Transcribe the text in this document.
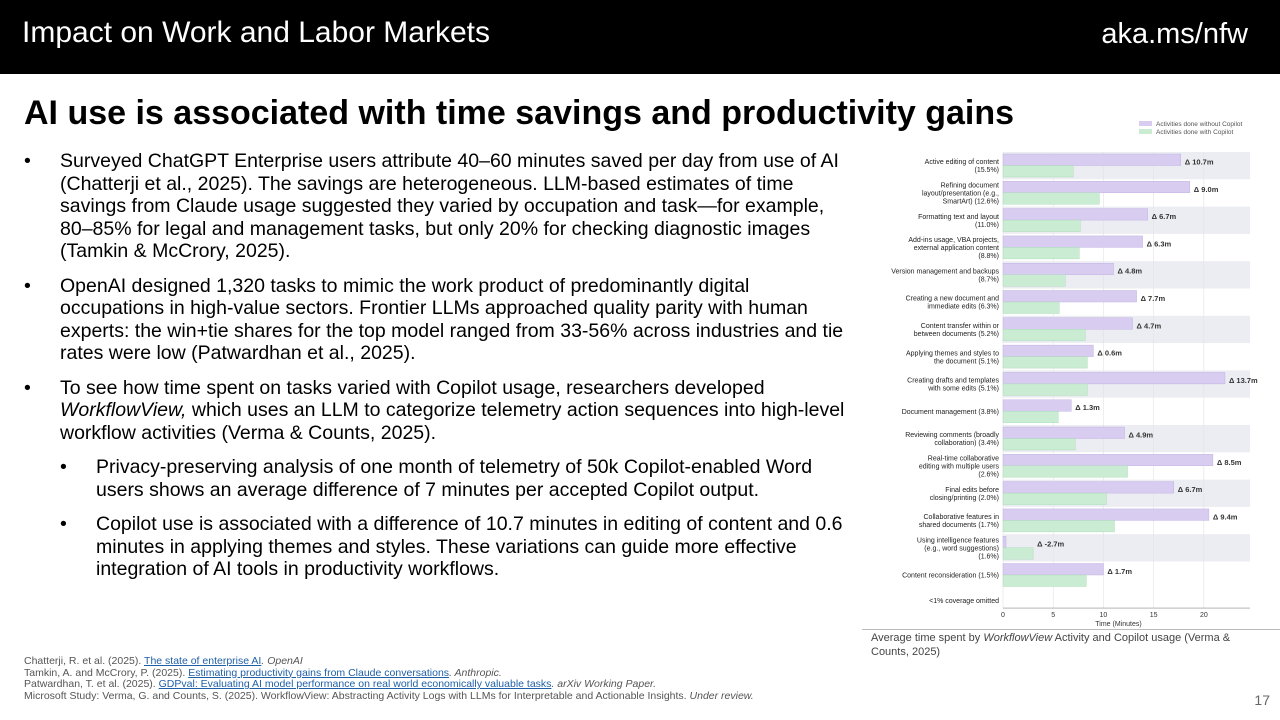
Impact on Work and Labor Markets	aka.ms/nfw
AI use is associated with time savings and productivity gains
• Surveyed ChatGPT Enterprise users attribute 40–60 minutes saved per day from use of AI (Chatterji et al., 2025). The savings are heterogeneous. LLM-based estimates of time savings from Claude usage suggested they varied by occupation and task—for example, 80–85% for legal and management tasks, but only 20% for checking diagnostic images (Tamkin & McCrory, 2025).
• OpenAI designed 1,320 tasks to mimic the work product of predominantly digital occupations in high-value sectors. Frontier LLMs approached quality parity with human experts: the win+tie shares for the top model ranged from 33-56% across industries and tie rates were low (Patwardhan et al., 2025).
• To see how time spent on tasks varied with Copilot usage, researchers developed WorkflowView, which uses an LLM to categorize telemetry action sequences into high-level workflow activities (Verma & Counts, 2025).
• Privacy-preserving analysis of one month of telemetry of 50k Copilot-enabled Word users shows an average difference of 7 minutes per accepted Copilot output.
• Copilot use is associated with a difference of 10.7 minutes in editing of content and 0.6 minutes in applying themes and styles. These variations can guide more effective integration of AI tools in productivity workflows.
Chatterji, R. et al. (2025). The state of enterprise AI. OpenAI
Tamkin, A. and McCrory, P. (2025). Estimating productivity gains from Claude conversations. Anthropic.
Patwardhan, T. et al. (2025). GDPval: Evaluating AI model performance on real world economically valuable tasks. arXiv Working Paper.
Microsoft Study: Verma, G. and Counts, S. (2025). WorkflowView: Abstracting Activity Logs with LLMs for Interpretable and Actionable Insights. Under review.
Activities done without Copilot
Activities done with Copilot
Δ 10.7m
Active editing of content
(15.5%)
Δ 9.0m
Refining document
layout/presentation (e.g.,
SmartArt) (12.6%)
Δ 6.7m
Formatting text and layout
(11.0%)
Δ 6.3m
Add-ins usage, VBA projects,
external application content
(8.8%)
Δ 4.8m
Version management and backups
(8.7%)
Δ 7.7m
Creating a new document and
immediate edits (6.3%)
Δ 4.7m
Content transfer within or
between documents (5.2%)
Δ 0.6m
Applying themes and styles to
the document (5.1%)
Δ 13.7m
Creating drafts and templates
with some edits (5.1%)
Δ 1.3m
Document management (3.8%)
Δ 4.9m
Reviewing comments (broadly
collaboration) (3.4%)
Δ 8.5m
Real-time collaborative
editing with multiple users
(2.6%)
Δ 6.7m
Final edits before
closing/printing (2.0%)
Δ 9.4m
Collaborative features in
shared documents (1.7%)
Δ -2.7m
Using intelligence features
(e.g., word suggestions)
(1.6%)
Δ 1.7m
Content reconsideration (1.5%)
<1% coverage omitted
0	5	10	15	20
Time (Minutes)
Average time spent by WorkflowView Activity and Copilot usage (Verma & Counts, 2025)
17
